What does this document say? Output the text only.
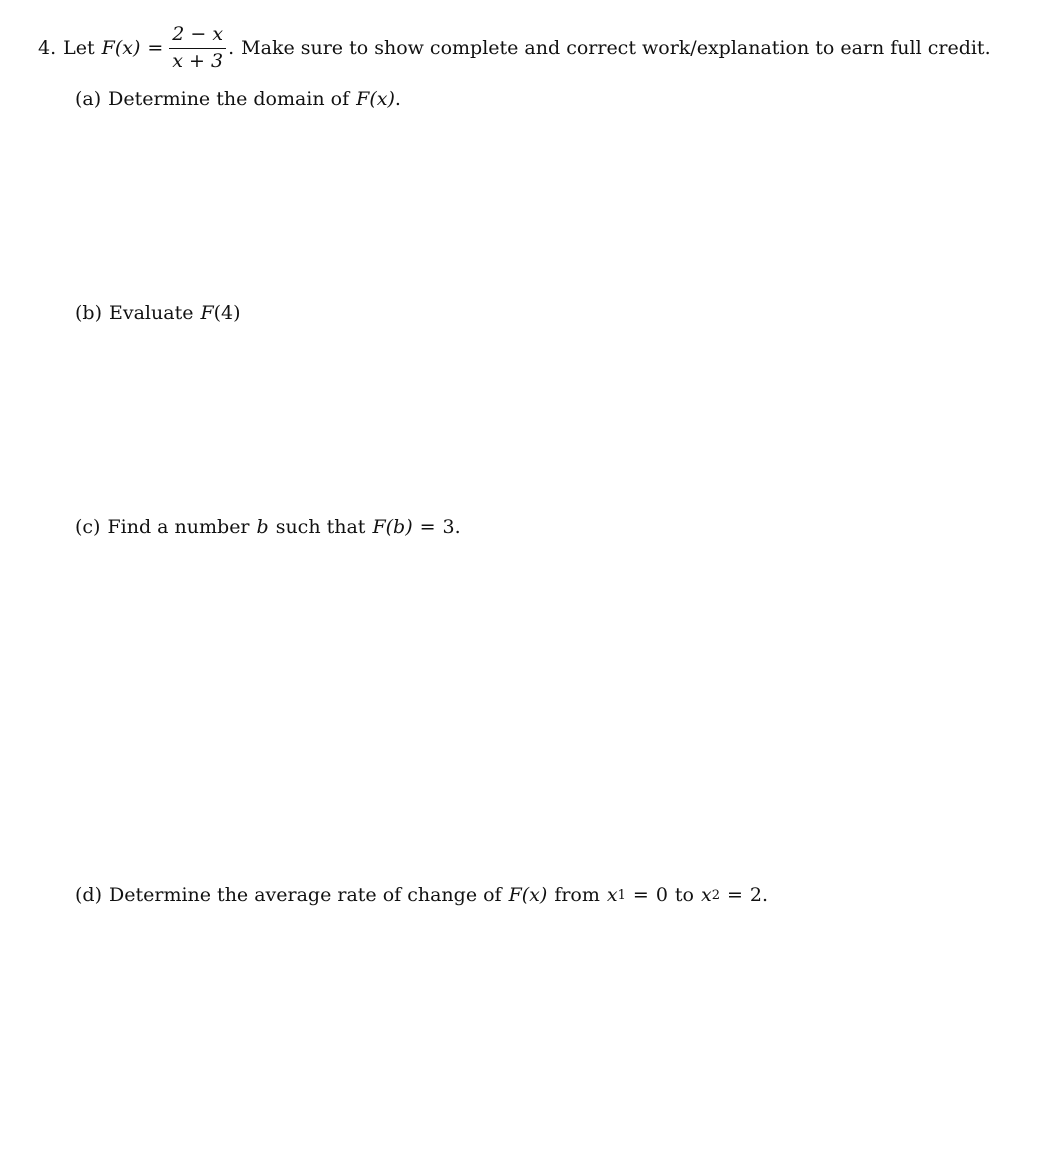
4. Let F $(x) = \frac{2 - x}{x + 3}$ . Make sure to show complete and correct work/explanation to earn full credit.
(a) Determine the domain of F (x) .
(b) Evaluate F (4)
(c) Find a number b such that F (b) = 3.
(d) Determine the average rate of change of F (x) from x 1 = 0 to x 2 = 2.
